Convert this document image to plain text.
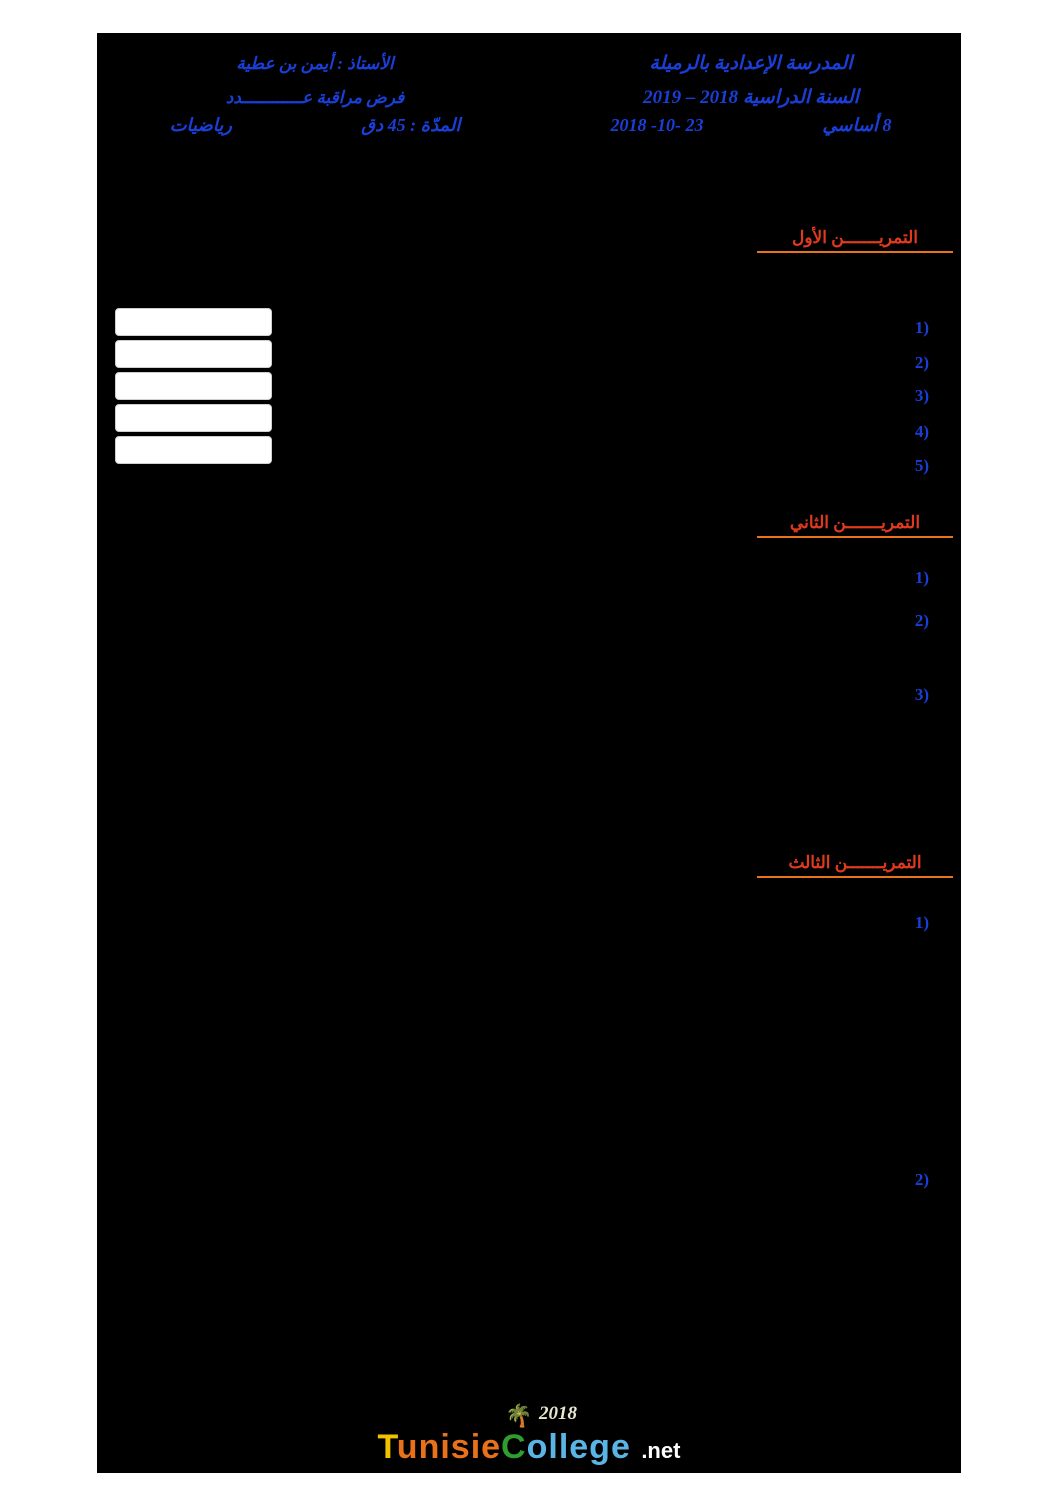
المدرسة الإعدادية بالرميلة
السنة الدراسية 2018 – 2019
8 أساسي
23 -10- 2018
الأستاذ : أيمن بن عطية
فرض مراقبة عــــــــــــدد
المدّة : 45 دق
رياضيات
التمريـــــــن الأول
(1
(2
(3
(4
(5
التمريـــــــن الثاني
(1
(2
(3
التمريـــــــن الثالث
(1
(2
🌴 2018
TunisieCollege .net
